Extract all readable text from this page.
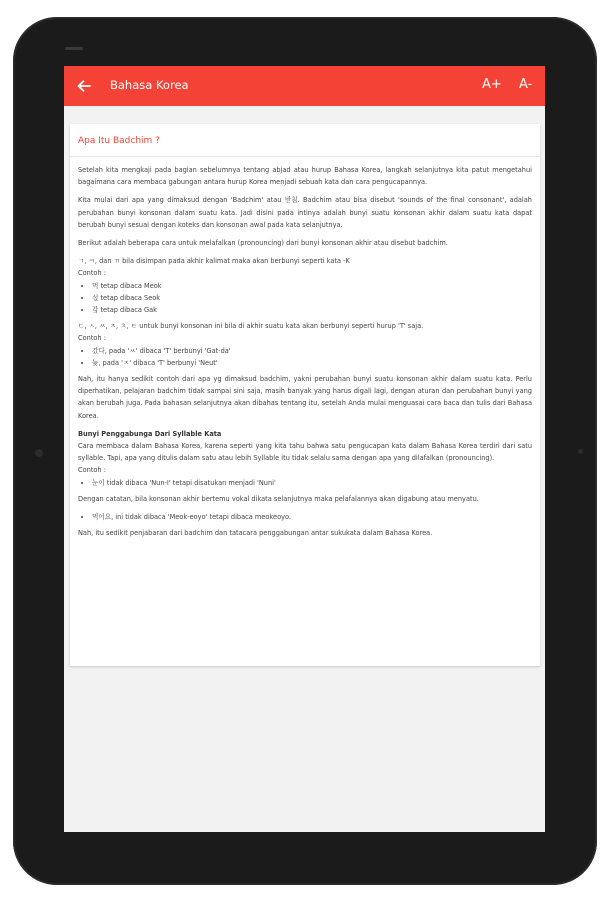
Bahasa Korea	A+ A-
Apa Itu Badchim ?

Setelah kita mengkaji pada bagian sebelumnya tentang abjad atau hurup Bahasa Korea, langkah selanjutnya kita patut mengetahui bagaimana cara membaca gabungan antara hurup Korea menjadi sebuah kata dan cara pengucapannya.

Kita mulai dari apa yang dimaksud dengan 'Badchim' atau 받침. Badchim atau bisa disebut 'sounds of the final consonant', adalah perubahan bunyi konsonan dalam suatu kata. Jadi disini pada intinya adalah bunyi suatu konsonan akhir dalam suatu kata dapat berubah bunyi sesuai dengan koteks dan konsonan awal pada kata selanjutnya.

Berikut adalah beberapa cara untuk melafalkan (pronouncing) dari bunyi konsonan akhir atau disebut badchim.

ㄱ, ㅋ, dan ㄲ bila disimpan pada akhir kalimat maka akan berbunyi seperti kata -K
Contoh :
• 먹 tetap dibaca Meok
• 섟 tetap dibaca Seok
• 갘 tetap dibaca Gak
ㄷ, ㅅ, ㅆ, ㅈ, ㅊ, ㅌ untuk bunyi konsonan ini bila di akhir suatu kata akan berbunyi seperti hurup 'T' saja.
Contoh :
• 갔다, pada 'ㅆ' dibaca 'T' berbunyi 'Gat-da'
• 늦, pada 'ㅈ' dibaca 'T' berbunyi 'Neut'

Nah, itu hanya sedikit contoh dari apa yg dimaksud badchim, yakni perubahan bunyi suatu konsonan akhir dalam suatu kata. Perlu diperhatikan, pelajaran badchim tidak sampai sini saja, masih banyak yang harus digali lagi, dengan aturan dan perubahan bunyi yang akan berubah juga. Pada bahasan selanjutnya akan dibahas tentang itu, setelah Anda mulai menguasai cara baca dan tulis dari Bahasa Korea.

Bunyi Penggabunga Dari Syllable Kata
Cara membaca dalam Bahasa Korea, karena seperti yang kita tahu bahwa satu pengucapan kata dalam Bahasa Korea terdiri dari satu syllable. Tapi, apa yang ditulis dalam satu atau lebih Syllable itu tidak selalu sama dengan apa yang dilafalkan (pronouncing).
Contoh :
• 눈이 tidak dibaca 'Nun-I' tetapi disatukan menjadi 'Nuni'

Dengan catatan, bila konsonan akhir bertemu vokal dikata selanjutnya maka pelafalannya akan digabung atau menyatu.

• 먹어요, ini tidak dibaca 'Meok-eoyo' tetapi dibaca meokeoyo.

Nah, itu sedikit penjabaran dari badchim dan tatacara penggabungan antar sukukata dalam Bahasa Korea.
